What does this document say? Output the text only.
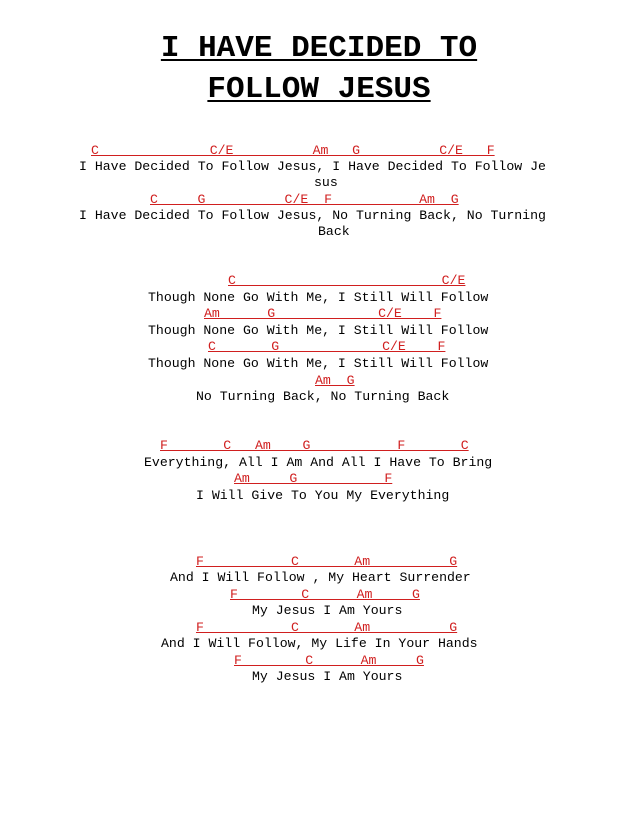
I HAVE DECIDED TO
FOLLOW JESUS
C              C/E          Am   G          C/E   F
I Have Decided To Follow Jesus, I Have Decided To Follow Je
sus
C     G          C/E  F           Am  G
I Have Decided To Follow Jesus, No Turning Back, No Turning
Back
C                          C/E
Though None Go With Me, I Still Will Follow
Am      G             C/E    F
Though None Go With Me, I Still Will Follow
C       G             C/E    F
Though None Go With Me, I Still Will Follow
Am  G
No Turning Back, No Turning Back
F       C   Am    G           F       C
Everything, All I Am And All I Have To Bring
Am     G           F
I Will Give To You My Everything
F           C       Am          G
And I Will Follow , My Heart Surrender
F        C      Am     G
My Jesus I Am Yours
F           C       Am          G
And I Will Follow, My Life In Your Hands
F        C      Am     G
My Jesus I Am Yours
